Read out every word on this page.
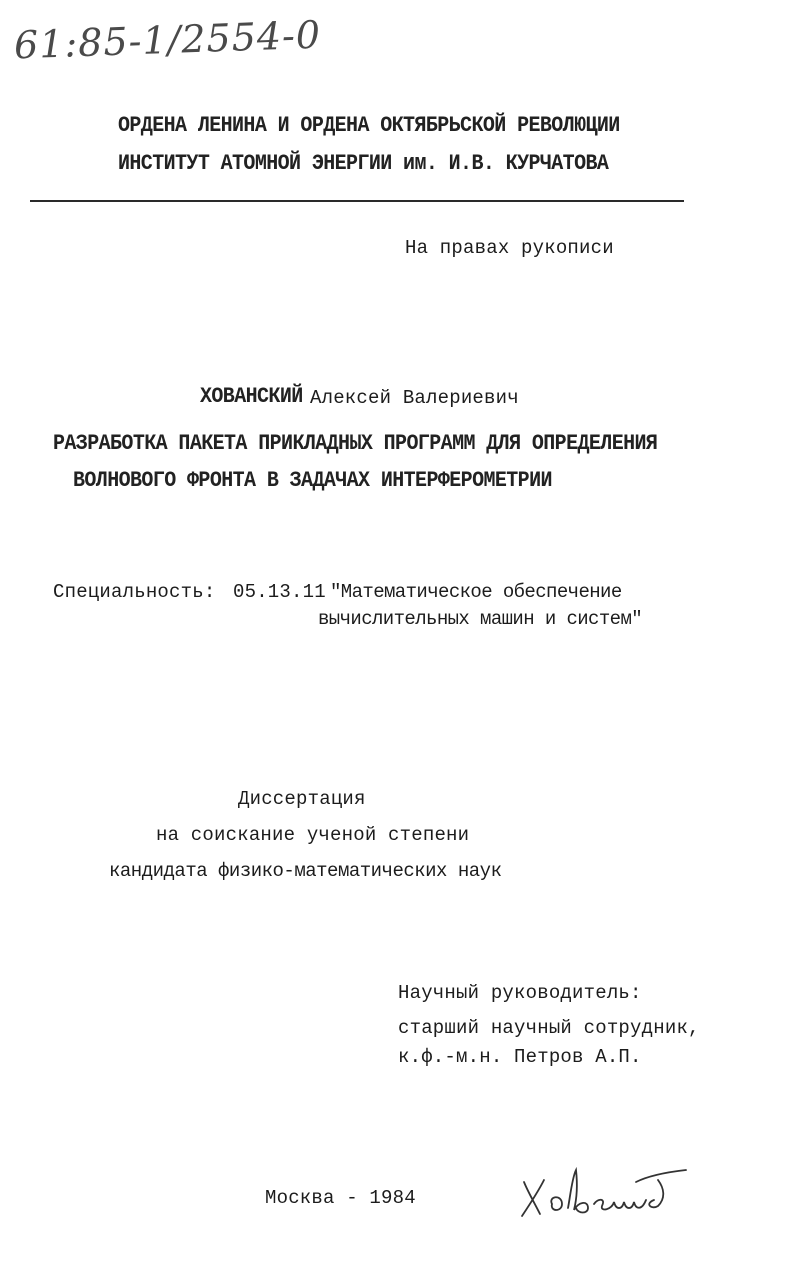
61:85-1/2554-0
ОРДЕНА ЛЕНИНА И ОРДЕНА ОКТЯБРЬСКОЙ РЕВОЛЮЦИИ
ИНСТИТУТ АТОМНОЙ ЭНЕРГИИ им. И.В. КУРЧАТОВА
На правах рукописи
ХОВАНСКИЙ Алексей Валериевич
РАЗРАБОТКА ПАКЕТА ПРИКЛАДНЫХ ПРОГРАММ ДЛЯ ОПРЕДЕЛЕНИЯ
ВОЛНОВОГО ФРОНТА В ЗАДАЧАХ ИНТЕРФЕРОМЕТРИИ
Специальность: 05.13.11 "Математическое обеспечение
вычислительных машин и систем"
Диссертация
на соискание ученой степени
кандидата физико-математических наук
Научный руководитель:
старший научный сотрудник,
к.ф.-м.н. Петров А.П.
Москва - 1984
